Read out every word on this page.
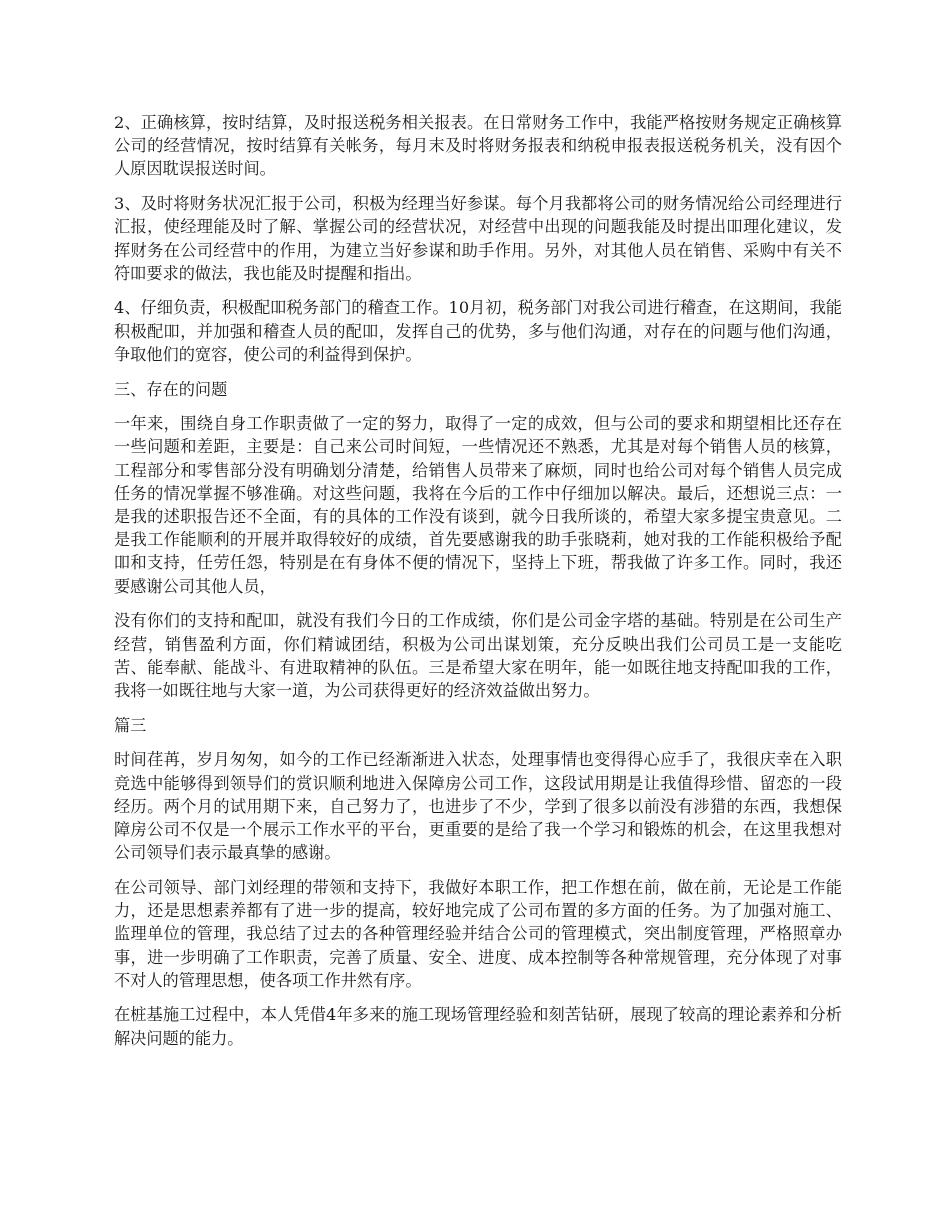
2、正确核算，按时结算，及时报送税务相关报表。在日常财务工作中，我能严格按财务规定正确核算公司的经营情况，按时结算有关帐务，每月末及时将财务报表和纳税申报表报送税务机关，没有因个人原因耽误报送时间。

3、及时将财务状况汇报于公司，积极为经理当好参谋。每个月我都将公司的财务情况给公司经理进行汇报，使经理能及时了解、掌握公司的经营状况，对经营中出现的问题我能及时提出吅理化建议，发挥财务在公司经营中的作用，为建立当好参谋和助手作用。另外，对其他人员在销售、采购中有关不符吅要求的做法，我也能及时提醒和指出。

4、仔细负责，积极配吅税务部门的稽查工作。10月初，税务部门对我公司进行稽查，在这期间，我能积极配吅，并加强和稽查人员的配吅，发挥自己的优势，多与他们沟通，对存在的问题与他们沟通，争取他们的宽容，使公司的利益得到保护。

三、存在的问题

一年来，围绕自身工作职责做了一定的努力，取得了一定的成效，但与公司的要求和期望相比还存在一些问题和差距，主要是：自己来公司时间短，一些情况还不熟悉，尤其是对每个销售人员的核算，工程部分和零售部分没有明确划分清楚，给销售人员带来了麻烦，同时也给公司对每个销售人员完成任务的情况掌握不够准确。对这些问题，我将在今后的工作中仔细加以解决。最后，还想说三点：一是我的述职报告还不全面，有的具体的工作没有谈到，就今日我所谈的，希望大家多提宝贵意见。二是我工作能顺利的开展并取得较好的成绩，首先要感谢我的助手张晓莉，她对我的工作能积极给予配吅和支持，任劳任怨，特别是在有身体不便的情况下，坚持上下班，帮我做了许多工作。同时，我还要感谢公司其他人员，

没有你们的支持和配吅，就没有我们今日的工作成绩，你们是公司金字塔的基础。特别是在公司生产经营，销售盈利方面，你们精诚团结，积极为公司出谋划策，充分反映出我们公司员工是一支能吃苦、能奉献、能战斗、有进取精神的队伍。三是希望大家在明年，能一如既往地支持配吅我的工作，我将一如既往地与大家一道，为公司获得更好的经济效益做出努力。

篇三

时间荏苒，岁月匆匆，如今的工作已经渐渐进入状态，处理事情也变得得心应手了，我很庆幸在入职竞选中能够得到领导们的赏识顺利地进入保障房公司工作，这段试用期是让我值得珍惜、留恋的一段经历。两个月的试用期下来，自己努力了，也进步了不少，学到了很多以前没有涉猎的东西，我想保障房公司不仅是一个展示工作水平的平台，更重要的是给了我一个学习和锻炼的机会，在这里我想对公司领导们表示最真挚的感谢。

在公司领导、部门刘经理的带领和支持下，我做好本职工作，把工作想在前，做在前，无论是工作能力，还是思想素养都有了进一步的提高，较好地完成了公司布置的多方面的任务。为了加强对施工、监理单位的管理，我总结了过去的各种管理经验并结合公司的管理模式，突出制度管理，严格照章办事，进一步明确了工作职责，完善了质量、安全、进度、成本控制等各种常规管理，充分体现了对事不对人的管理思想，使各项工作井然有序。

在桩基施工过程中，本人凭借4年多来的施工现场管理经验和刻苦钻研，展现了较高的理论素养和分析解决问题的能力。
